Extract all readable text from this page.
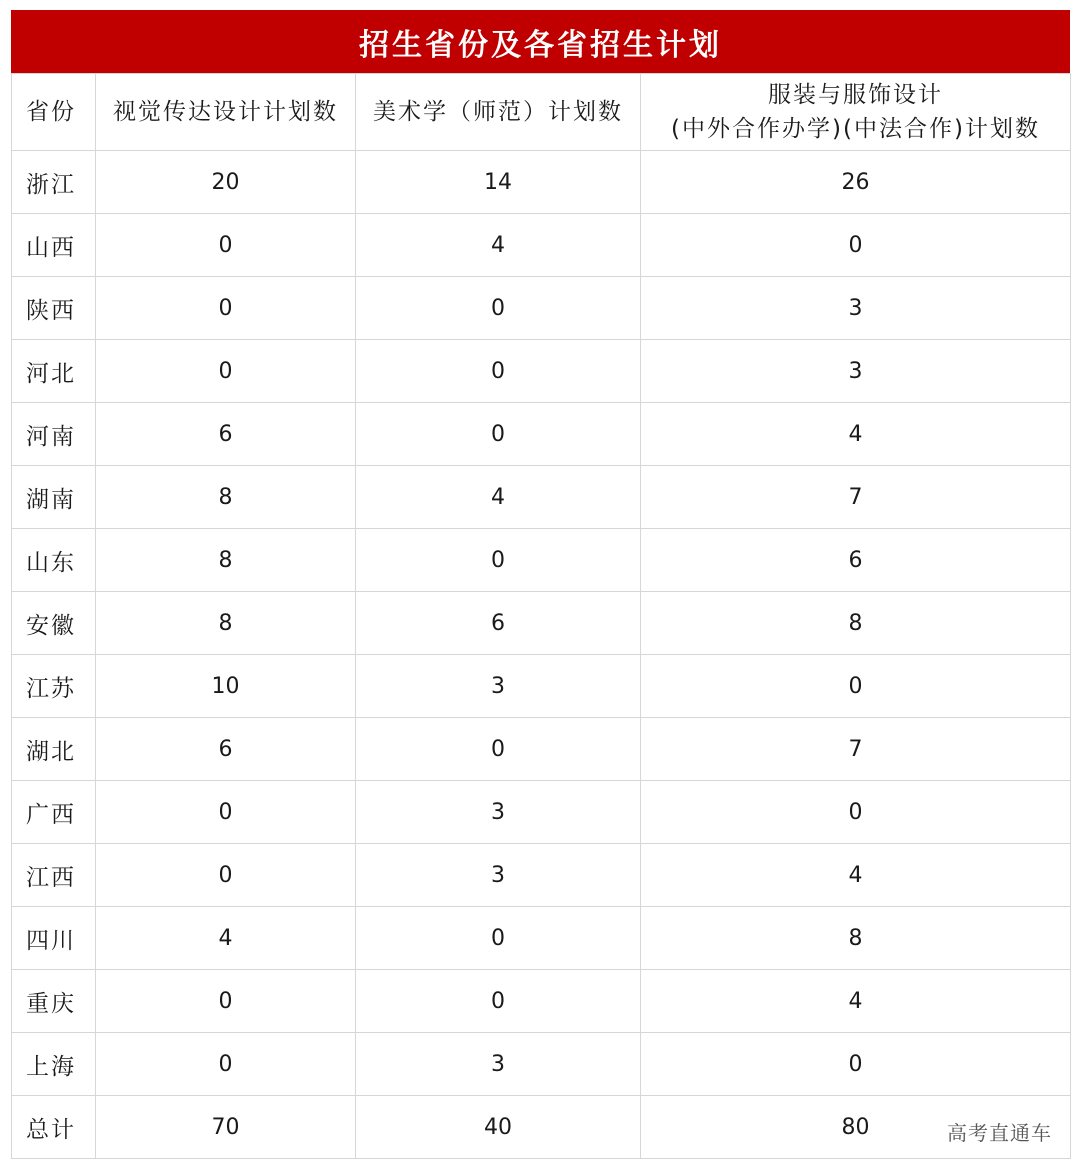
招生省份及各省招生计划
省份	视觉传达设计计划数	美术学（师范）计划数	服装与服饰设计
(中外合作办学)(中法合作)计划数

浙江	20	14	26
山西	0	4	0
陕西	0	0	3
河北	0	0	3
河南	6	0	4
湖南	8	4	7
山东	8	0	6
安徽	8	6	8
江苏	10	3	0
湖北	6	0	7
广西	0	3	0
江西	0	3	4
四川	4	0	8
重庆	0	0	4
上海	0	3	0
总计	70	40	80	高考直通车
